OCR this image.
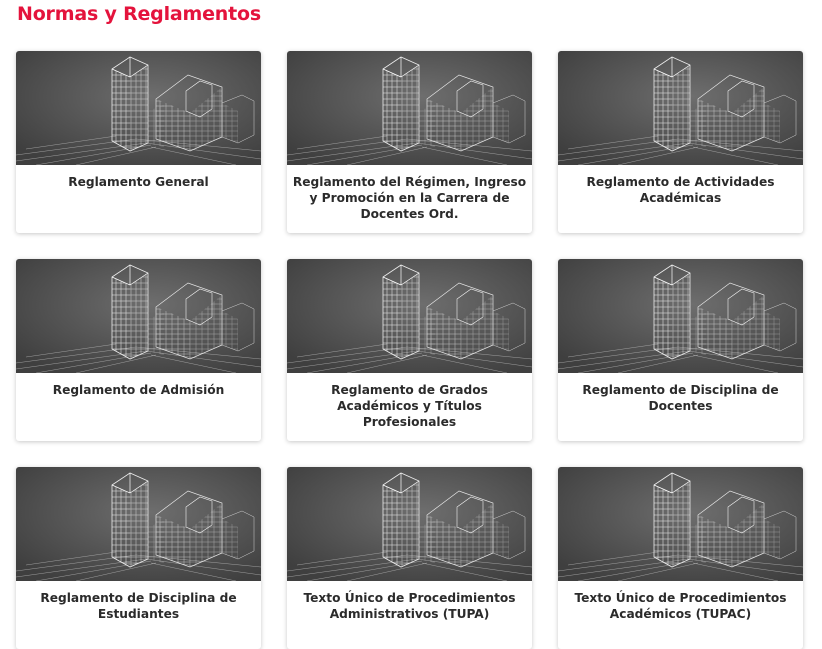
Normas y Reglamentos

Reglamento General	Reglamento del Régimen, Ingreso y Promoción en la Carrera de Docentes Ord.

Reglamento de Actividades Académicas

Reglamento de Admisión	Reglamento de Grados Académicos y Títulos Profesionales

Reglamento de Disciplina de Docentes

Reglamento de Disciplina de Estudiantes

Texto Único de Procedimientos Administrativos (TUPA)

Texto Único de Procedimientos Académicos (TUPAC)
